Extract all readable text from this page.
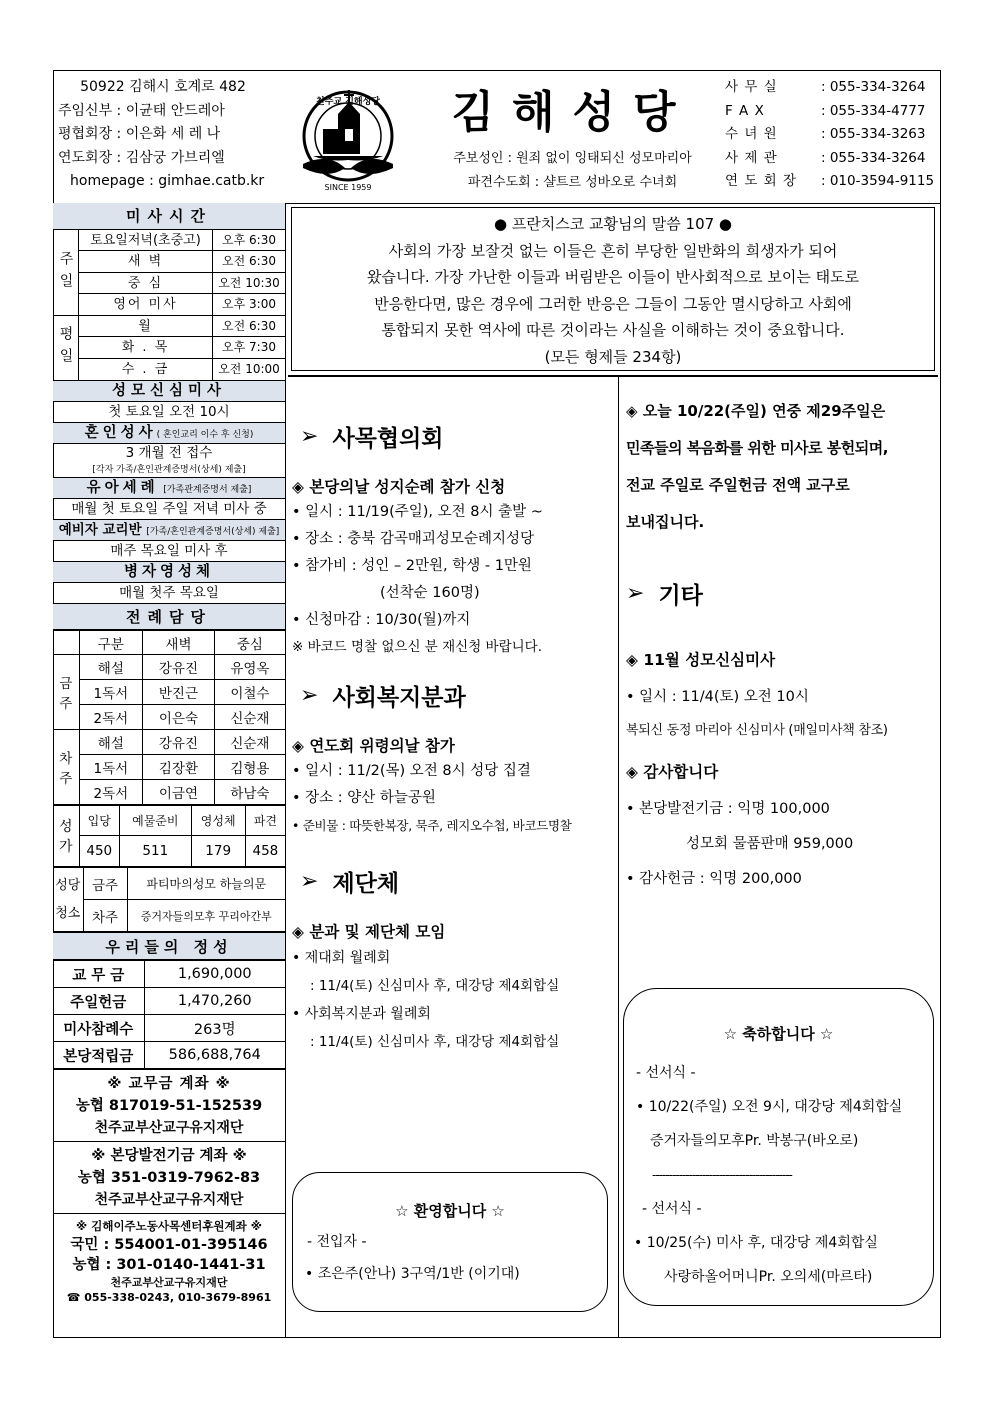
50922 김해시 호계로 482
주임신부 : 이균태 안드레아
평협회장 : 이은화 세 레 나
연도회장 : 김삼궁 가브리엘
homepage : gimhae.catb.kr
천주교 김해성당
SINCE 1959
김해성당
주보성인 : 원죄 없이 잉태되신 성모마리아
파견수도회 : 샬트르 성바오로 수녀회
사 무 실	: 055-334-3264
F A X	: 055-334-4777
수 녀 원	: 055-334-3263
사 제 관	: 055-334-3264
연 도 회 장	: 010-3594-9115
미사시간
주일
토요일저녁(초중고)	오후 6:30
새 벽	오전 6:30
중 심	오전 10:30
영어 미사	오후 3:00
평일	월	오전 6:30
화 . 목	오후 7:30
수 . 금	오전 10:00
성모신심미사
첫 토요일 오전 10시
혼인성사( 혼인교리 이수 후 신청)
3 개월 전 접수
[각자 가족/혼인관계증명서(상세) 제출]
유아세례 [가족관계증명서 제출]
매월 첫 토요일 주일 저녁 미사 중
예비자 교리반 [가족/혼인관계증명서(상세) 제출]
매주 목요일 미사 후
병자영성체
매월 첫주 목요일
전례담당
	구분	새벽	중심
금주	해설	강유진	유영옥
	1독서	반진근	이철수
	2독서	이은숙	신순재
차주	해설	강유진	신순재
	1독서	김장환	김형용
	2독서	이금연	하남숙
성가	입당	예물준비	영성체	파견
	450	511	179	458
성당청소	금주	파티마의성모 하늘의문
	차주	증거자들의모후 꾸리아간부
우리들의 정성
교 무 금	1,690,000
주일헌금	1,470,260
미사참례수	263명
본당적립금	586,688,764
※ 교무금 계좌 ※
농협 817019-51-152539
천주교부산교구유지재단
※ 본당발전기금 계좌 ※
농협 351-0319-7962-83
천주교부산교구유지재단
※ 김해이주노동사목센터후원계좌 ※
국민 : 554001-01-395146
농협 : 301-0140-1441-31
천주교부산교구유지재단
☎ 055-338-0243, 010-3679-8961
● 프란치스코 교황님의 말씀 107 ●
사회의 가장 보잘것 없는 이들은 흔히 부당한 일반화의 희생자가 되어
왔습니다. 가장 가난한 이들과 버림받은 이들이 반사회적으로 보이는 태도로
반응한다면, 많은 경우에 그러한 반응은 그들이 그동안 멸시당하고 사회에
통합되지 못한 역사에 따른 것이라는 사실을 이해하는 것이 중요합니다.
(모든 형제들 234항)
➢ 사목협의회
◈ 본당의날 성지순례 참가 신청
• 일시 : 11/19(주일), 오전 8시 출발 ~
• 장소 : 충북 감곡매괴성모순례지성당
• 참가비 : 성인 – 2만원, 학생 - 1만원
(선착순 160명)
• 신청마감 : 10/30(월)까지
※ 바코드 명찰 없으신 분 재신청 바랍니다.
➢ 사회복지분과
◈ 연도회 위령의날 참가
• 일시 : 11/2(목) 오전 8시 성당 집결
• 장소 : 양산 하늘공원
• 준비물 : 따뜻한복장, 묵주, 레지오수첩, 바코드명찰
➢ 제단체
◈ 분과 및 제단체 모임
• 제대회 월례회
: 11/4(토) 신심미사 후, 대강당 제4회합실
• 사회복지분과 월례회
: 11/4(토) 신심미사 후, 대강당 제4회합실
☆ 환영합니다 ☆
- 전입자 -
• 조은주(안나) 3구역/1반 (이기대)
◈ 오늘 10/22(주일) 연중 제29주일은
민족들의 복음화를 위한 미사로 봉헌되며,
전교 주일로 주일헌금 전액 교구로
보내집니다.
➢ 기타
◈ 11월 성모신심미사
• 일시 : 11/4(토) 오전 10시
복되신 동정 마리아 신심미사 (매일미사책 참조)
◈ 감사합니다
• 본당발전기금 : 익명 100,000
성모회 물품판매 959,000
• 감사헌금 : 익명 200,000
☆ 축하합니다 ☆
- 선서식 -
• 10/22(주일) 오전 9시, 대강당 제4회합실
증거자들의모후Pr. 박봉구(바오로)
------------------------------------------
- 선서식 -
• 10/25(수) 미사 후, 대강당 제4회합실
사랑하올어머니Pr. 오의세(마르타)
